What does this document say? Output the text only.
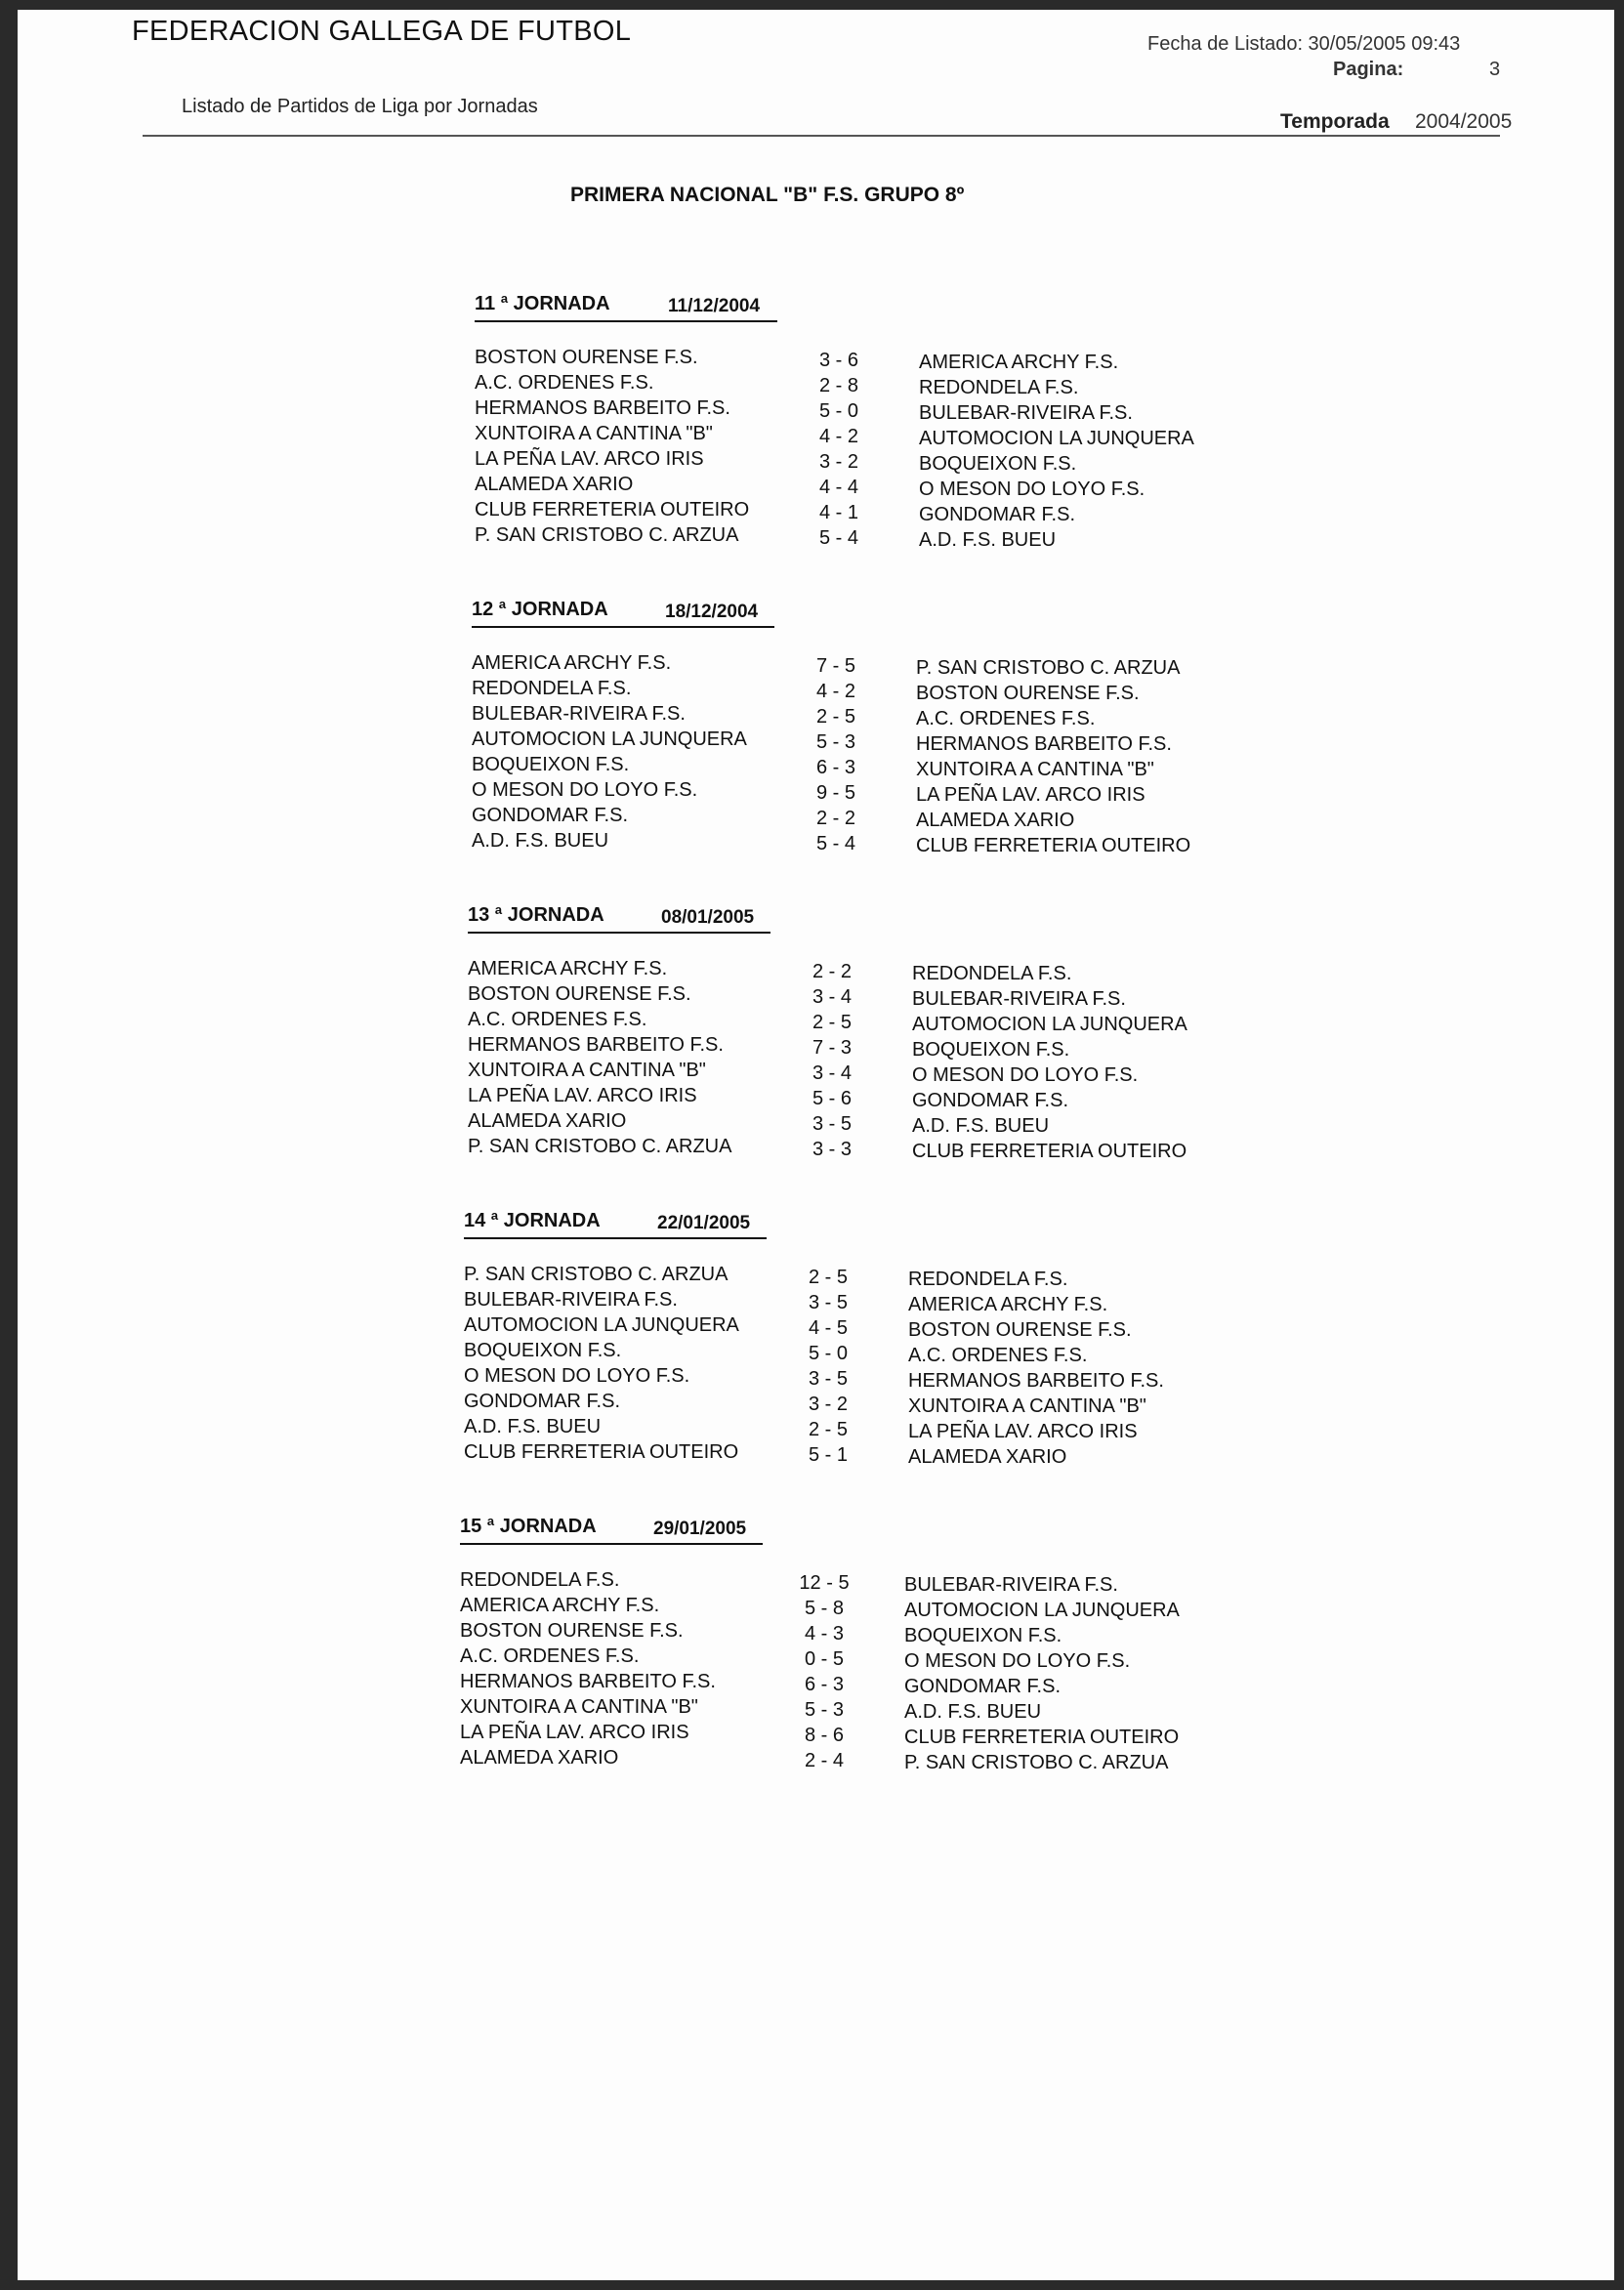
FEDERACION GALLEGA DE FUTBOL	Fecha de Listado: 30/05/2005 09:43
Pagina:	3
Listado de Partidos de Liga por Jornadas
Temporada 2004/2005
PRIMERA NACIONAL "B" F.S. GRUPO 8º
11 ª JORNADA	11/12/2004
BOSTON OURENSE F.S.	3 - 6	AMERICA ARCHY F.S.
A.C. ORDENES F.S.	2 - 8	REDONDELA F.S.
HERMANOS BARBEITO F.S.	5 - 0	BULEBAR-RIVEIRA F.S.
XUNTOIRA A CANTINA "B"	4 - 2	AUTOMOCION LA JUNQUERA
LA PEÑA LAV. ARCO IRIS	3 - 2	BOQUEIXON F.S.
ALAMEDA XARIO	4 - 4	O MESON DO LOYO F.S.
CLUB FERRETERIA OUTEIRO	4 - 1	GONDOMAR F.S.
P. SAN CRISTOBO C. ARZUA	5 - 4	A.D. F.S. BUEU
12 ª JORNADA	18/12/2004
AMERICA ARCHY F.S.	7 - 5	P. SAN CRISTOBO C. ARZUA
REDONDELA F.S.	4 - 2	BOSTON OURENSE F.S.
BULEBAR-RIVEIRA F.S.	2 - 5	A.C. ORDENES F.S.
AUTOMOCION LA JUNQUERA	5 - 3	HERMANOS BARBEITO F.S.
BOQUEIXON F.S.	6 - 3	XUNTOIRA A CANTINA "B"
O MESON DO LOYO F.S.	9 - 5	LA PEÑA LAV. ARCO IRIS
GONDOMAR F.S.	2 - 2	ALAMEDA XARIO
A.D. F.S. BUEU	5 - 4	CLUB FERRETERIA OUTEIRO
13 ª JORNADA	08/01/2005
AMERICA ARCHY F.S.	2 - 2	REDONDELA F.S.
BOSTON OURENSE F.S.	3 - 4	BULEBAR-RIVEIRA F.S.
A.C. ORDENES F.S.	2 - 5	AUTOMOCION LA JUNQUERA
HERMANOS BARBEITO F.S.	7 - 3	BOQUEIXON F.S.
XUNTOIRA A CANTINA "B"	3 - 4	O MESON DO LOYO F.S.
LA PEÑA LAV. ARCO IRIS	5 - 6	GONDOMAR F.S.
ALAMEDA XARIO	3 - 5	A.D. F.S. BUEU
P. SAN CRISTOBO C. ARZUA	3 - 3	CLUB FERRETERIA OUTEIRO
14 ª JORNADA	22/01/2005
P. SAN CRISTOBO C. ARZUA	2 - 5	REDONDELA F.S.
BULEBAR-RIVEIRA F.S.	3 - 5	AMERICA ARCHY F.S.
AUTOMOCION LA JUNQUERA	4 - 5	BOSTON OURENSE F.S.
BOQUEIXON F.S.	5 - 0	A.C. ORDENES F.S.
O MESON DO LOYO F.S.	3 - 5	HERMANOS BARBEITO F.S.
GONDOMAR F.S.	3 - 2	XUNTOIRA A CANTINA "B"
A.D. F.S. BUEU	2 - 5	LA PEÑA LAV. ARCO IRIS
CLUB FERRETERIA OUTEIRO	5 - 1	ALAMEDA XARIO
15 ª JORNADA	29/01/2005
REDONDELA F.S.	12 - 5	BULEBAR-RIVEIRA F.S.
AMERICA ARCHY F.S.	5 - 8	AUTOMOCION LA JUNQUERA
BOSTON OURENSE F.S.	4 - 3	BOQUEIXON F.S.
A.C. ORDENES F.S.	0 - 5	O MESON DO LOYO F.S.
HERMANOS BARBEITO F.S.	6 - 3	GONDOMAR F.S.
XUNTOIRA A CANTINA "B"	5 - 3	A.D. F.S. BUEU
LA PEÑA LAV. ARCO IRIS	8 - 6	CLUB FERRETERIA OUTEIRO
ALAMEDA XARIO	2 - 4	P. SAN CRISTOBO C. ARZUA
